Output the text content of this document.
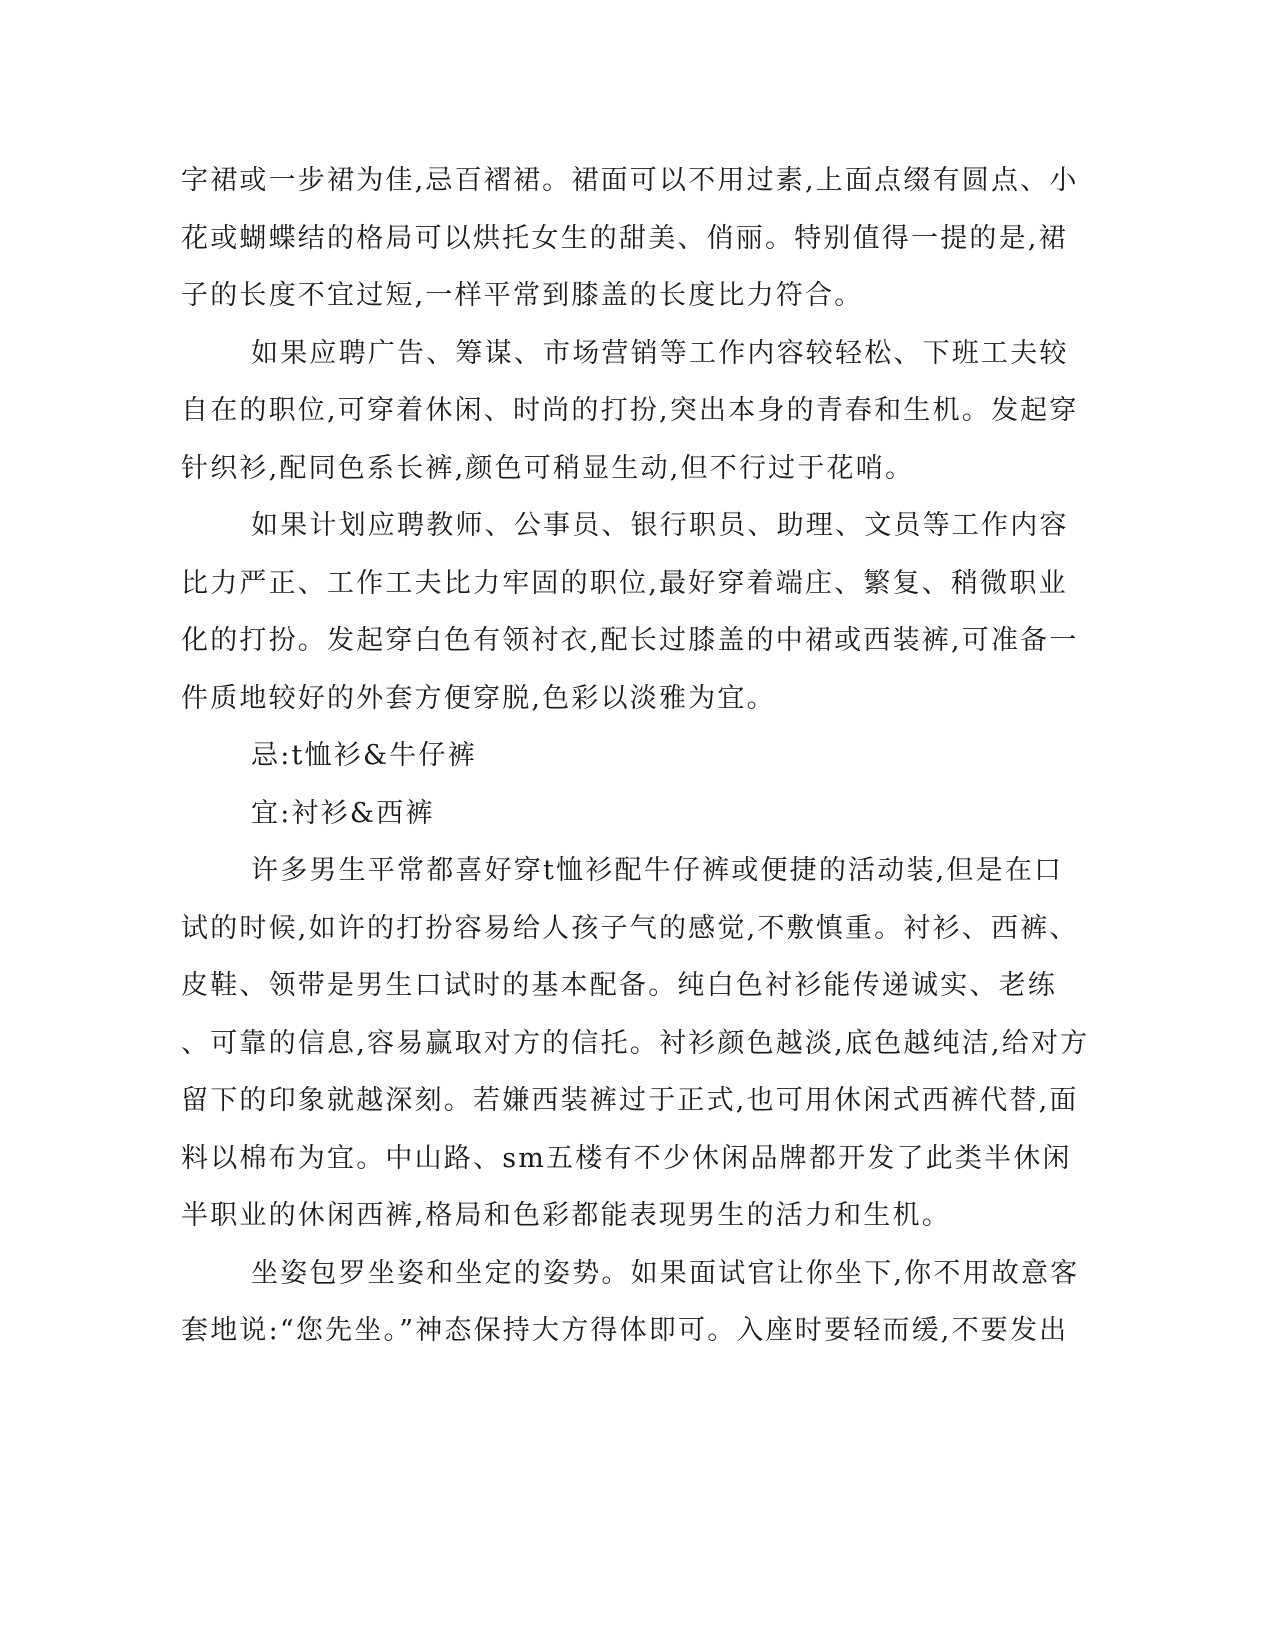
字裙或一步裙为佳,忌百褶裙。裙面可以不用过素,上面点缀有圆点、小
花或蝴蝶结的格局可以烘托女生的甜美、俏丽。特别值得一提的是,裙
子的长度不宜过短,一样平常到膝盖的长度比力符合。
如果应聘广告、筹谋、市场营销等工作内容较轻松、下班工夫较
自在的职位,可穿着休闲、时尚的打扮,突出本身的青春和生机。发起穿
针织衫,配同色系长裤,颜色可稍显生动,但不行过于花哨。
如果计划应聘教师、公事员、银行职员、助理、文员等工作内容
比力严正、工作工夫比力牢固的职位,最好穿着端庄、繁复、稍微职业
化的打扮。发起穿白色有领衬衣,配长过膝盖的中裙或西装裤,可准备一
件质地较好的外套方便穿脱,色彩以淡雅为宜。
忌:t恤衫&牛仔裤
宜:衬衫&西裤
许多男生平常都喜好穿t恤衫配牛仔裤或便捷的活动装,但是在口
试的时候,如许的打扮容易给人孩子气的感觉,不敷慎重。衬衫、西裤、
皮鞋、领带是男生口试时的基本配备。纯白色衬衫能传递诚实、老练
、可靠的信息,容易赢取对方的信托。衬衫颜色越淡,底色越纯洁,给对方
留下的印象就越深刻。若嫌西装裤过于正式,也可用休闲式西裤代替,面
料以棉布为宜。中山路、sm五楼有不少休闲品牌都开发了此类半休闲
半职业的休闲西裤,格局和色彩都能表现男生的活力和生机。
坐姿包罗坐姿和坐定的姿势。如果面试官让你坐下,你不用故意客
套地说:“您先坐。”神态保持大方得体即可。入座时要轻而缓,不要发出
